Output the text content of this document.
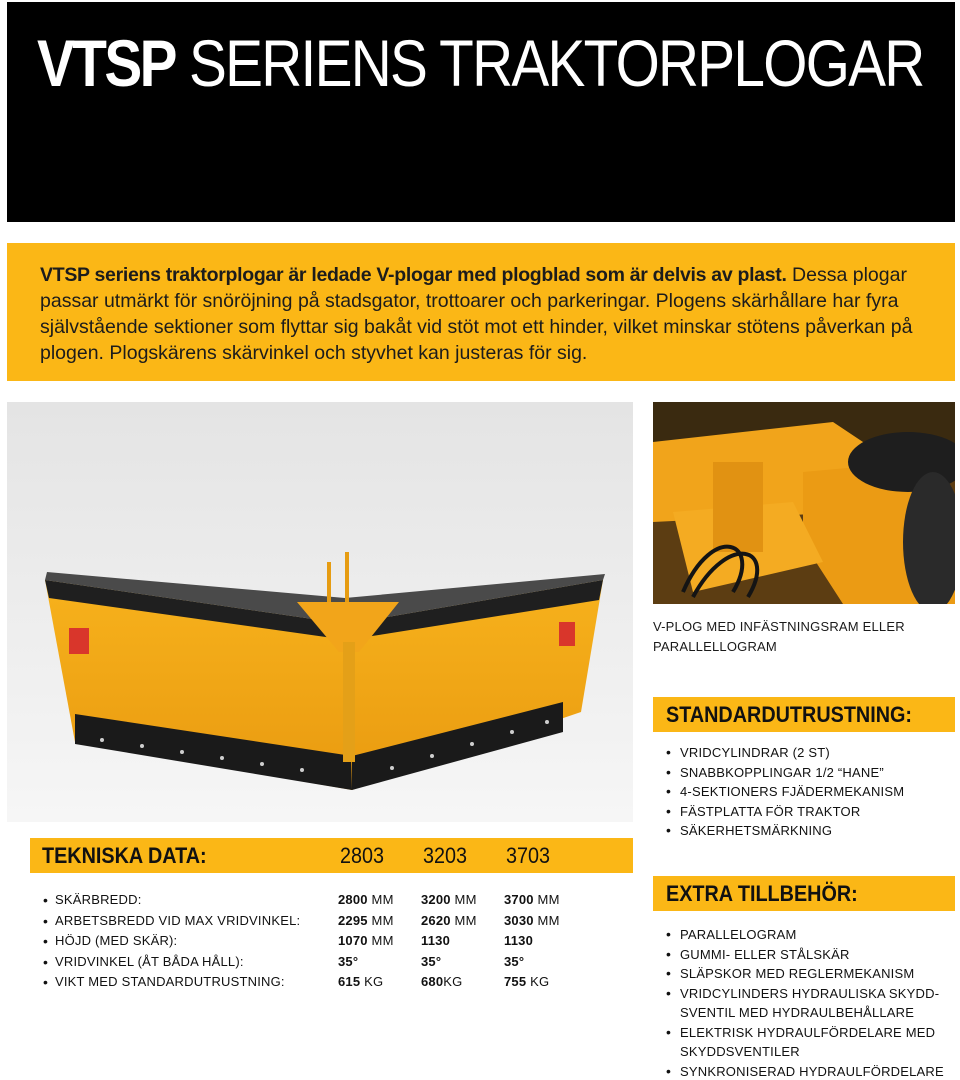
VTSP SERIENS TRAKTORPLOGAR
VTSP seriens traktorplogar är ledade V-plogar med plogblad som är delvis av plast. Dessa plogar passar utmärkt för snöröjning på stadsgator, trottoarer och parkeringar. Plogens skärhållare har fyra självstående sektioner som flyttar sig bakåt vid stöt mot ett hinder, vilket minskar stötens påverkan på plogen. Plogskärens skärvinkel och styvhet kan justeras för sig.
V-PLOG MED INFÄSTNINGSRAM ELLER PARALLELLOGRAM
STANDARDUTRUSTNING:
• VRIDCYLINDRAR (2 ST)
• SNABBKOPPLINGAR 1/2 “HANE”
• 4-SEKTIONERS FJÄDERMEKANISM
• FÄSTPLATTA FÖR TRAKTOR
• SÄKERHETSMÄRKNING
EXTRA TILLBEHÖR:
• PARALLELOGRAM
• GUMMI- ELLER STÅLSKÄR
• SLÄPSKOR MED REGLERMEKANISM
• VRIDCYLINDERS HYDRAULISKA SKYDD- SVENTIL MED HYDRAULBEHÅLLARE
• ELEKTRISK HYDRAULFÖRDELARE MED SKYDDSVENTILER
• SYNKRONISERAD HYDRAULFÖRDELARE
TEKNISKA DATA:	2803 3203 3703
• SKÄRBREDD:	2800 MM 3200 MM 3700 MM
• ARBETSBREDD VID MAX VRIDVINKEL:	2295 MM 2620 MM 3030 MM
• HÖJD (MED SKÄR):	1070 MM 1130	1130
• VRIDVINKEL (ÅT BÅDA HÅLL):	35°	35°	35°
• VIKT MED STANDARDUTRUSTNING:	615 KG	680KG	755 KG
